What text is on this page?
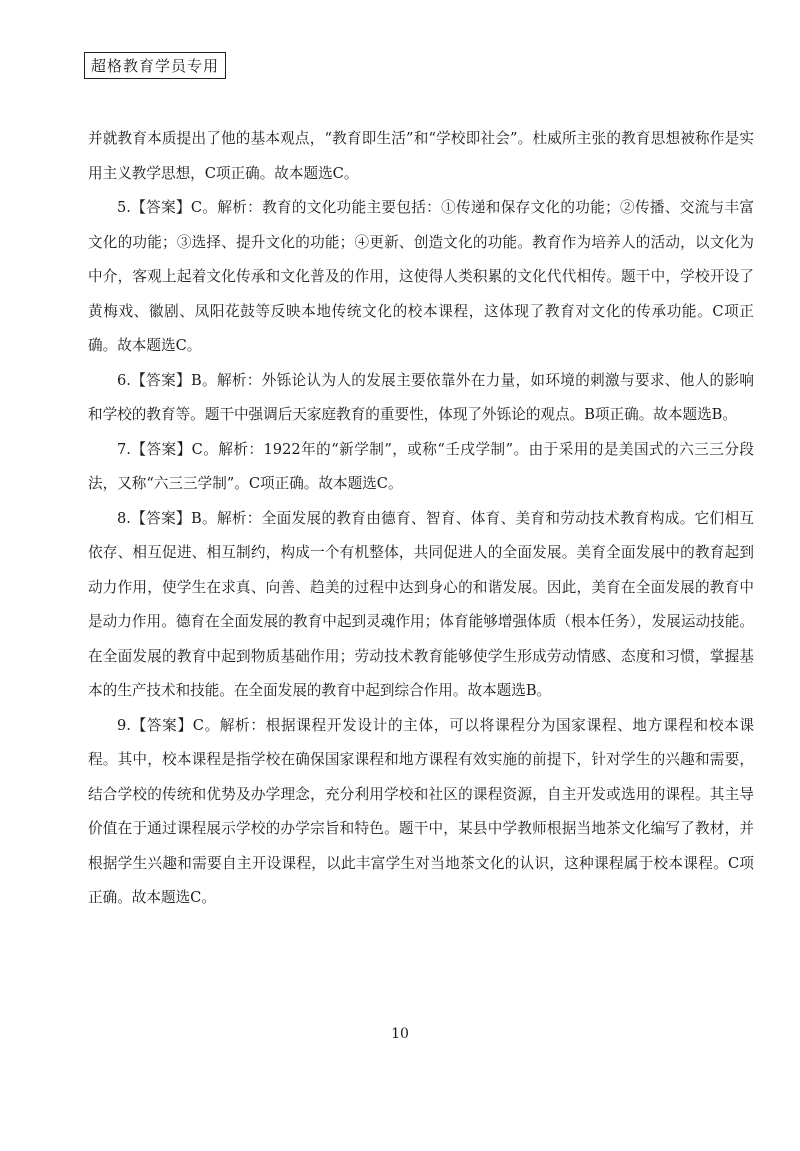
超格教育学员专用

并就教育本质提出了他的基本观点，“教育即生活”和“学校即社会”。杜威所主张的教育思想被称作是实用主义教学思想，C项正确。故本题选C。

5.【答案】C。解析：教育的文化功能主要包括：①传递和保存文化的功能；②传播、交流与丰富文化的功能；③选择、提升文化的功能；④更新、创造文化的功能。教育作为培养人的活动，以文化为中介，客观上起着文化传承和文化普及的作用，这使得人类积累的文化代代相传。题干中，学校开设了黄梅戏、徽剧、凤阳花鼓等反映本地传统文化的校本课程，这体现了教育对文化的传承功能。C项正确。故本题选C。

6.【答案】B。解析：外铄论认为人的发展主要依靠外在力量，如环境的刺激与要求、他人的影响和学校的教育等。题干中强调后天家庭教育的重要性，体现了外铄论的观点。B项正确。故本题选B。

7.【答案】C。解析：1922年的“新学制”，或称“壬戌学制”。由于采用的是美国式的六三三分段法，又称“六三三学制”。C项正确。故本题选C。

8.【答案】B。解析：全面发展的教育由德育、智育、体育、美育和劳动技术教育构成。它们相互依存、相互促进、相互制约，构成一个有机整体，共同促进人的全面发展。美育全面发展中的教育起到动力作用，使学生在求真、向善、趋美的过程中达到身心的和谐发展。因此，美育在全面发展的教育中是动力作用。德育在全面发展的教育中起到灵魂作用；体育能够增强体质（根本任务），发展运动技能。在全面发展的教育中起到物质基础作用；劳动技术教育能够使学生形成劳动情感、态度和习惯，掌握基本的生产技术和技能。在全面发展的教育中起到综合作用。故本题选B。

9.【答案】C。解析：根据课程开发设计的主体，可以将课程分为国家课程、地方课程和校本课程。其中，校本课程是指学校在确保国家课程和地方课程有效实施的前提下，针对学生的兴趣和需要，结合学校的传统和优势及办学理念，充分利用学校和社区的课程资源，自主开发或选用的课程。其主导价值在于通过课程展示学校的办学宗旨和特色。题干中，某县中学教师根据当地茶文化编写了教材，并根据学生兴趣和需要自主开设课程，以此丰富学生对当地茶文化的认识，这种课程属于校本课程。C项正确。故本题选C。

10
